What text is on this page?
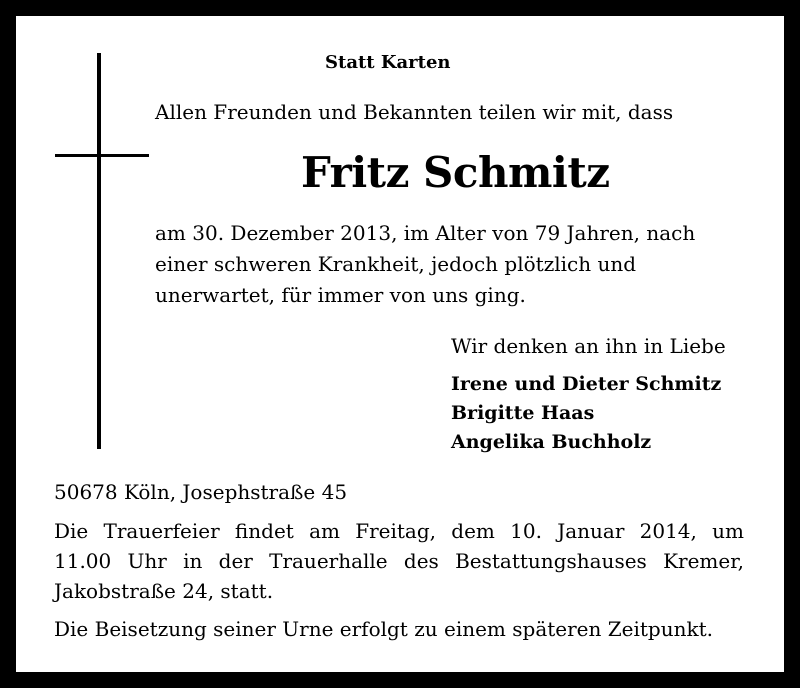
Statt Karten
Allen Freunden und Bekannten teilen wir mit, dass
Fritz Schmitz
am 30. Dezember 2013, im Alter von 79 Jahren, nach
einer schweren Krankheit, jedoch plötzlich und
unerwartet, für immer von uns ging.
Wir denken an ihn in Liebe
Irene und Dieter Schmitz
Brigitte Haas
Angelika Buchholz
50678 Köln, Josephstraße 45
Die Trauerfeier findet am Freitag, dem 10. Januar 2014, um
11.00 Uhr in der Trauerhalle des Bestattungshauses Kremer,
Jakobstraße 24, statt.
Die Beisetzung seiner Urne erfolgt zu einem späteren Zeitpunkt.
